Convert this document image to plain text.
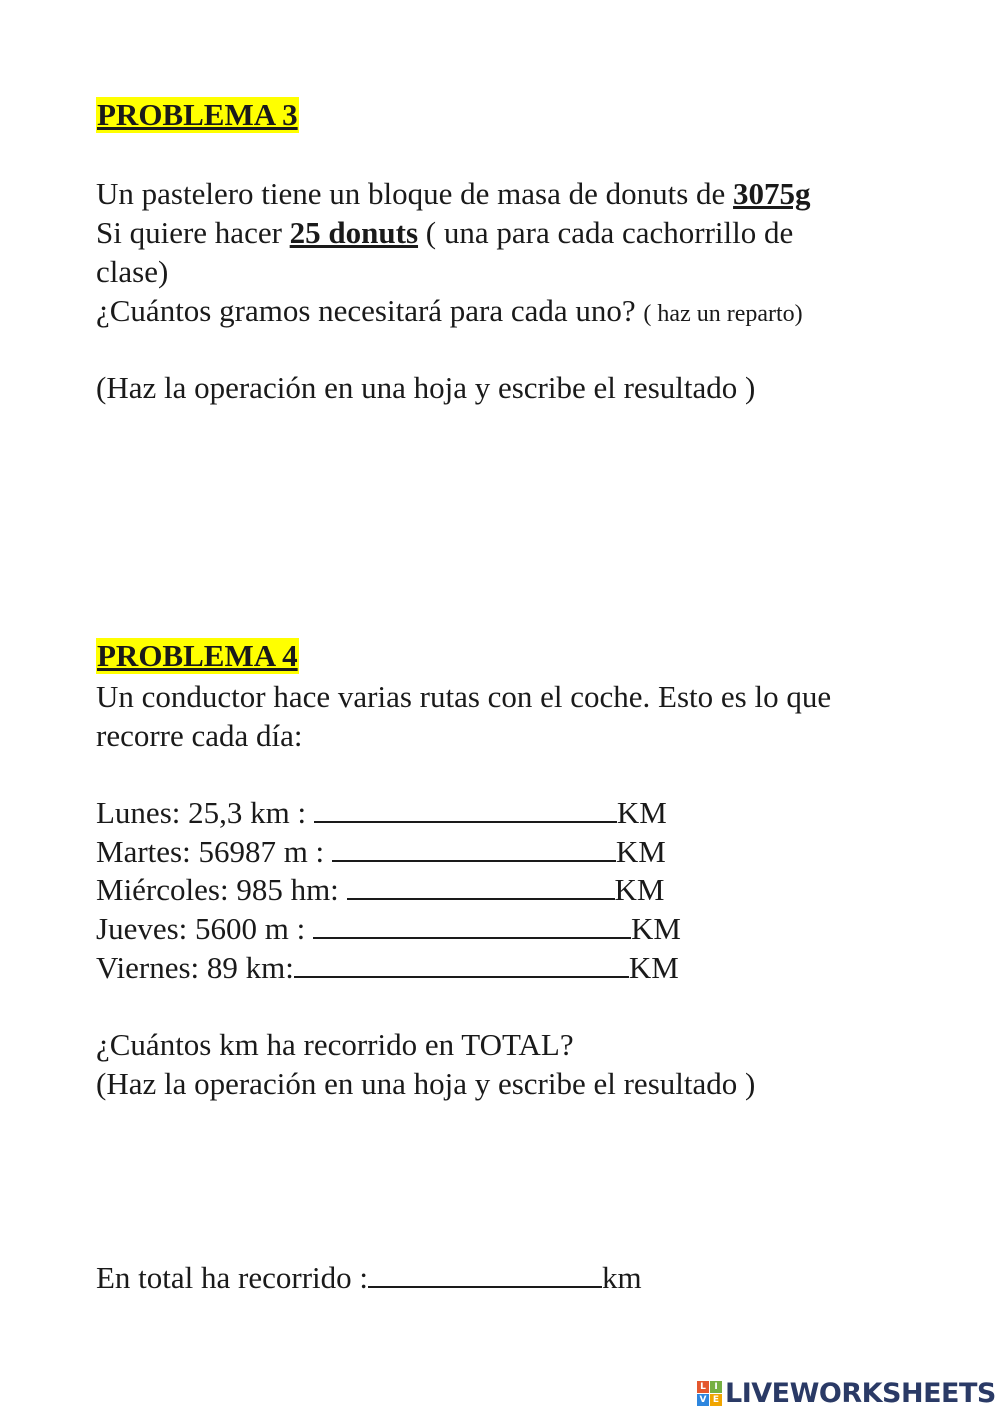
PROBLEMA 3
Un pastelero tiene un bloque de masa de donuts de 3075g
Si quiere hacer 25 donuts ( una para cada cachorrillo de
clase)
¿Cuántos gramos necesitará para cada uno? ( haz un reparto)
(Haz la operación en una hoja y escribe el resultado )
PROBLEMA 4
Un conductor hace varias rutas con el coche. Esto es lo que
recorre cada día:
Lunes: 25,3 km :	KM
Martes: 56987 m :	KM
Miércoles: 985 hm:	KM
Jueves: 5600 m :	KM
Viernes: 89 km:	KM
¿Cuántos km ha recorrido en TOTAL?
(Haz la operación en una hoja y escribe el resultado )
En total ha recorrido :	km
L I
V E LIVEWORKSHEETS
